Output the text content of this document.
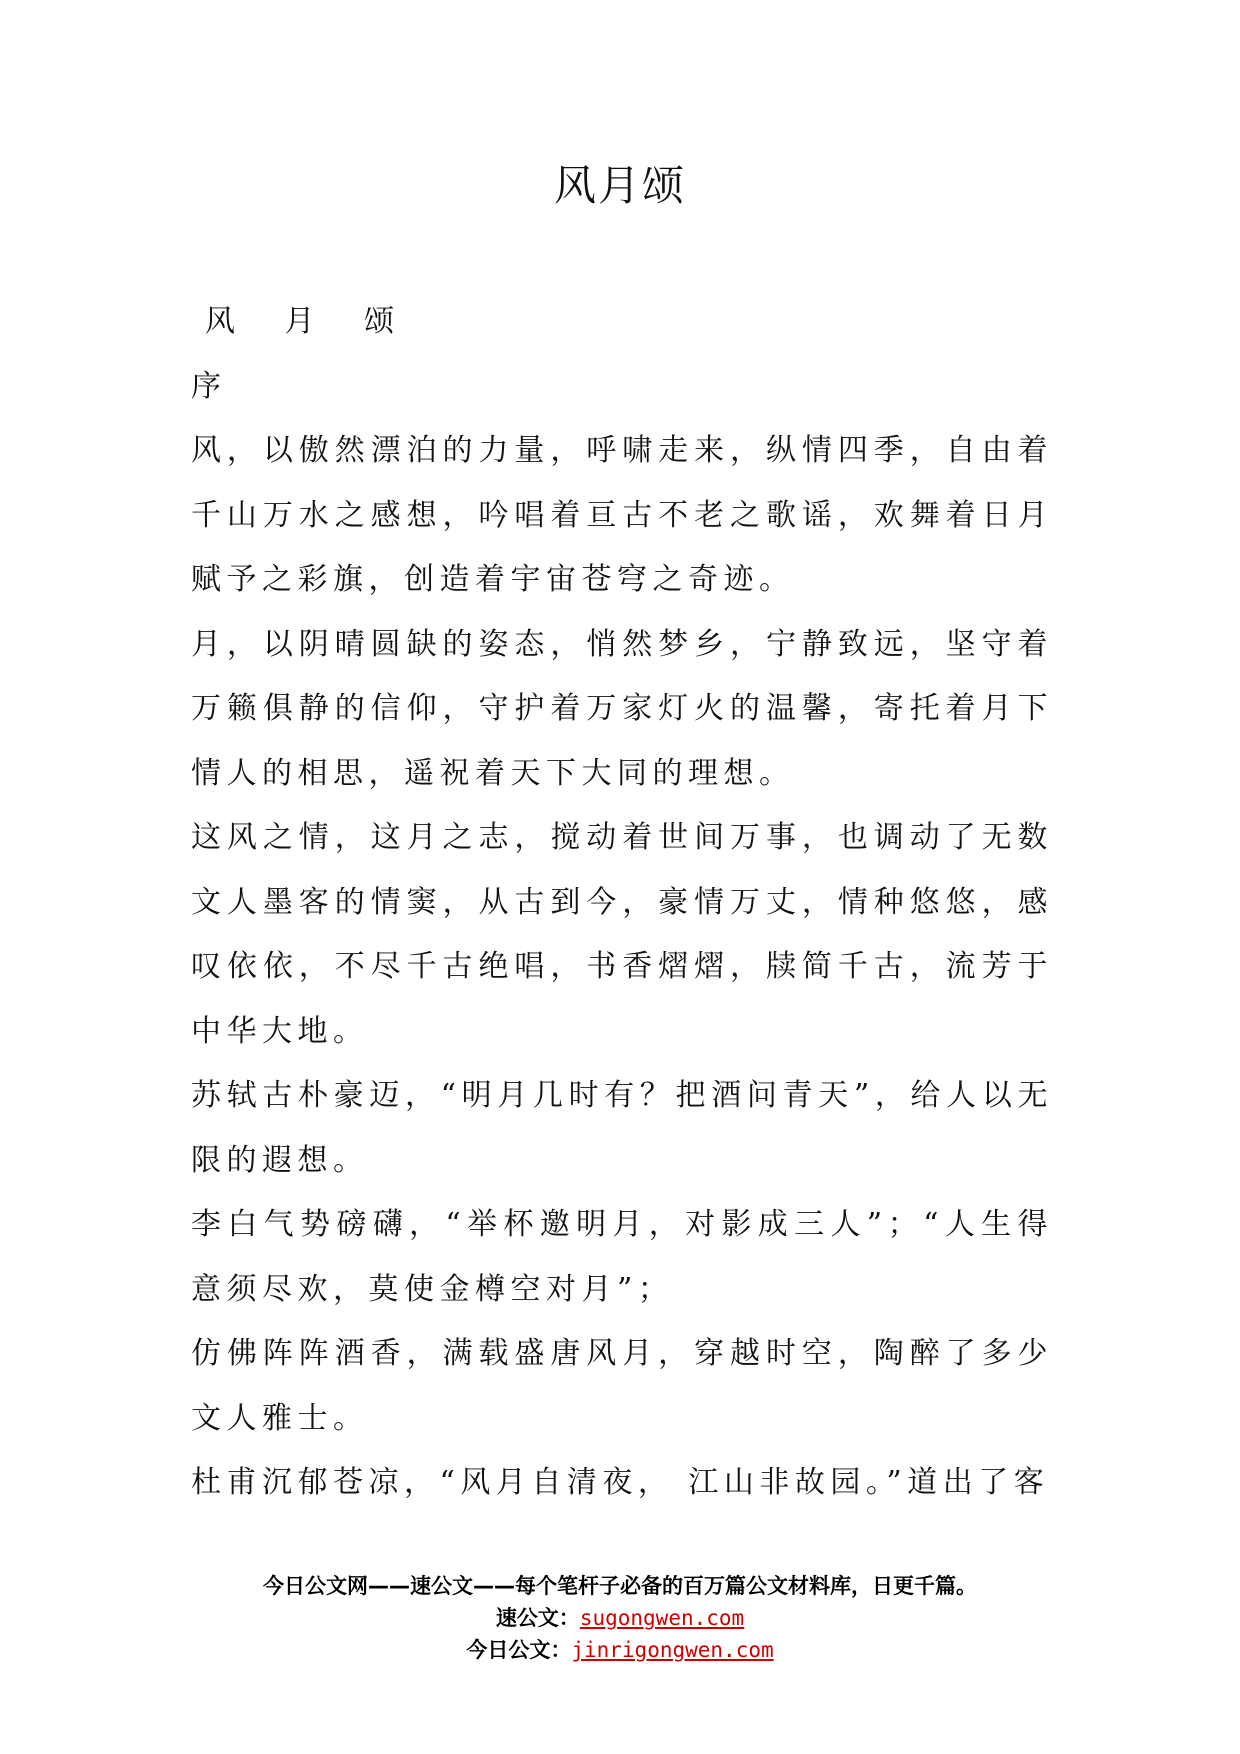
风月颂

风 月 颂

序

风，以傲然漂泊的力量，呼啸走来，纵情四季，自由着千山万水之感想，吟唱着亘古不老之歌谣，欢舞着日月赋予之彩旗，创造着宇宙苍穹之奇迹。

月，以阴晴圆缺的姿态，悄然梦乡，宁静致远，坚守着万籁俱静的信仰，守护着万家灯火的温馨，寄托着月下情人的相思，遥祝着天下大同的理想。

这风之情，这月之志，搅动着世间万事，也调动了无数文人墨客的情窦，从古到今，豪情万丈，情种悠悠，感叹依依，不尽千古绝唱，书香熠熠，牍简千古，流芳于中华大地。

苏轼古朴豪迈，“明月几时有？把酒问青天”，给人以无限的遐想。

李白气势磅礴，“举杯邀明月，对影成三人”；“人生得意须尽欢，莫使金樽空对月”；

仿佛阵阵酒香，满载盛唐风月，穿越时空，陶醉了多少文人雅士。

杜甫沉郁苍凉，“风月自清夜， 江山非故园。”道出了客

今日公文网——速公文——每个笔杆子必备的百万篇公文材料库，日更千篇。
速公文：sugongwen.com
今日公文：jinrigongwen.com
